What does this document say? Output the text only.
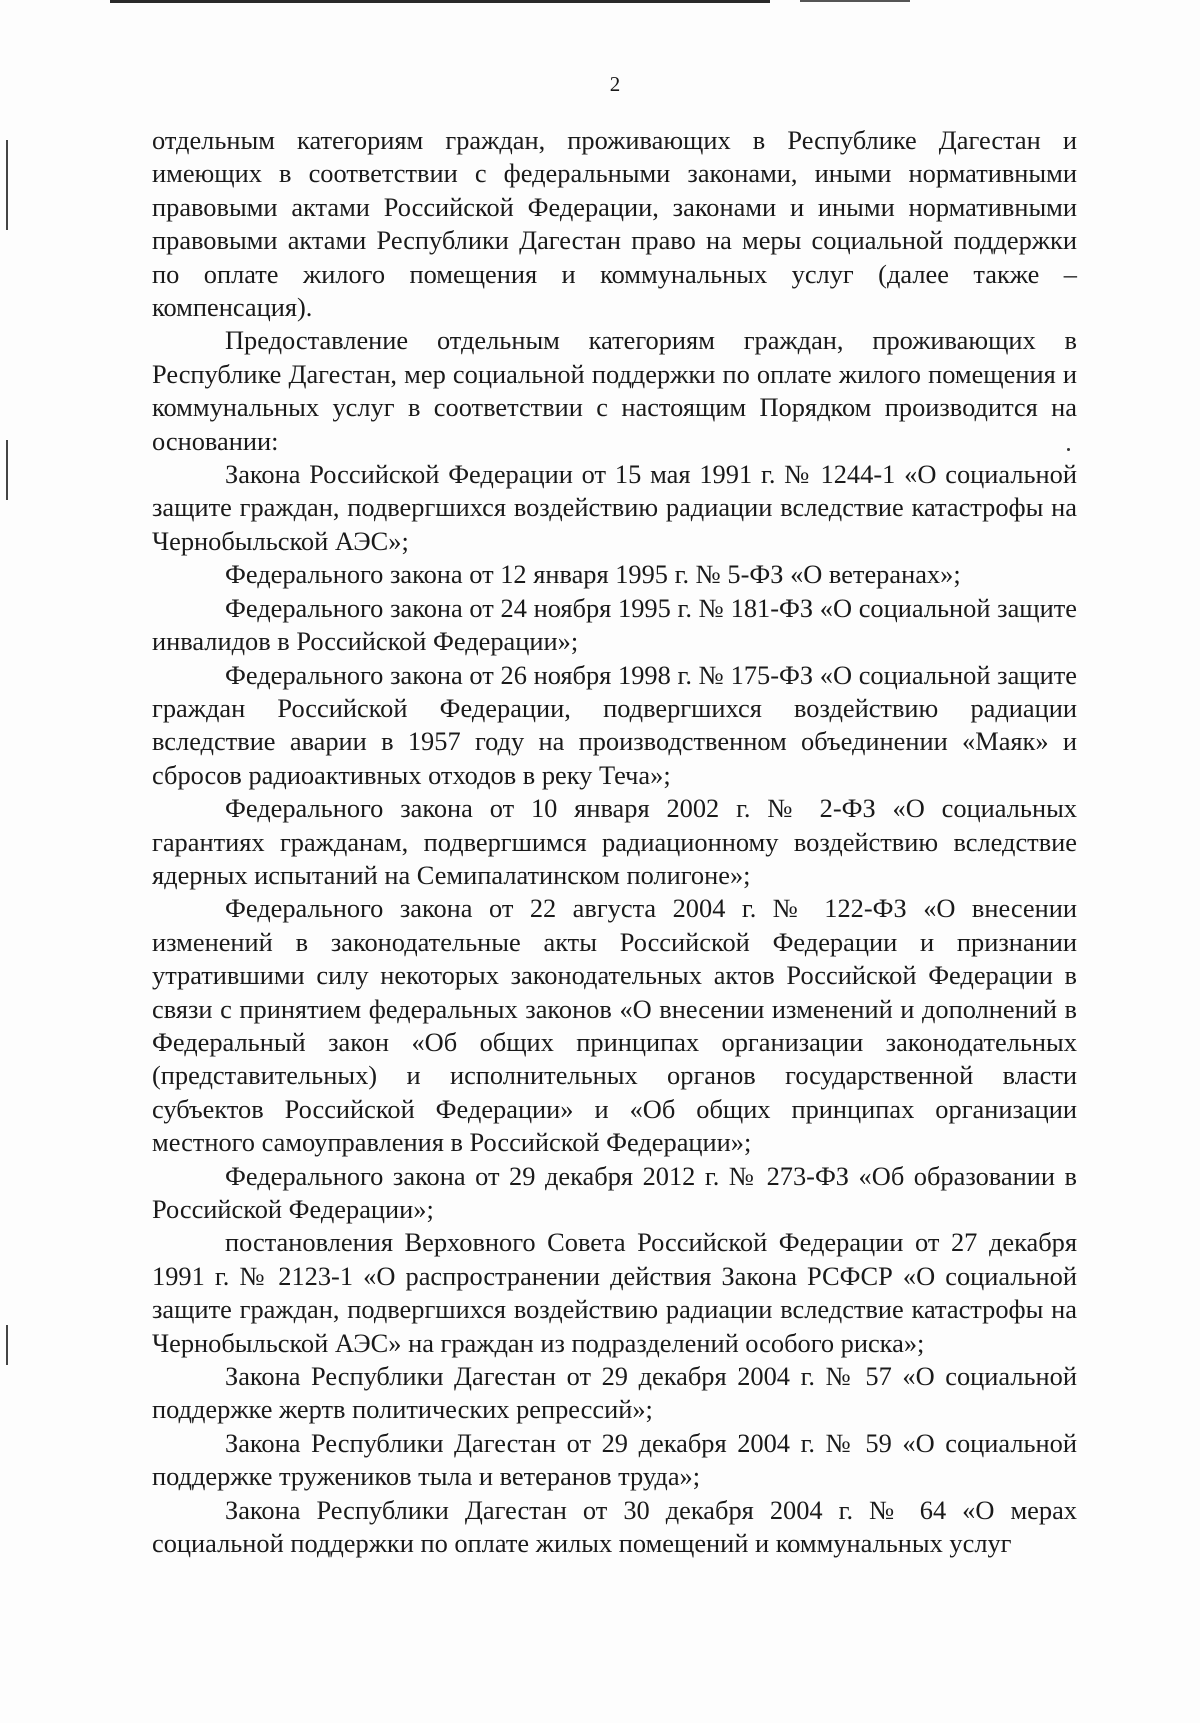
2

отдельным категориям граждан, проживающих в Республике Дагестан и имеющих в соответствии с федеральными законами, иными нормативными правовыми актами Российской Федерации, законами и иными нормативными правовыми актами Республики Дагестан право на меры социальной поддержки по оплате жилого помещения и коммунальных услуг (далее также – компенсация).

Предоставление отдельным категориям граждан, проживающих в Республике Дагестан, мер социальной поддержки по оплате жилого помещения и коммунальных услуг в соответствии с настоящим Порядком производится на основании:

Закона Российской Федерации от 15 мая 1991 г. № 1244-1 «О социальной защите граждан, подвергшихся воздействию радиации вследствие катастрофы на Чернобыльской АЭС»;

Федерального закона от 12 января 1995 г. № 5-ФЗ «О ветеранах»;

Федерального закона от 24 ноября 1995 г. № 181-ФЗ «О социальной защите инвалидов в Российской Федерации»;

Федерального закона от 26 ноября 1998 г. № 175-ФЗ «О социальной защите граждан Российской Федерации, подвергшихся воздействию радиации вследствие аварии в 1957 году на производственном объединении «Маяк» и сбросов радиоактивных отходов в реку Теча»;

Федерального закона от 10 января 2002 г. № 2-ФЗ «О социальных гарантиях гражданам, подвергшимся радиационному воздействию вследствие ядерных испытаний на Семипалатинском полигоне»;

Федерального закона от 22 августа 2004 г. № 122-ФЗ «О внесении изменений в законодательные акты Российской Федерации и признании утратившими силу некоторых законодательных актов Российской Федерации в связи с принятием федеральных законов «О внесении изменений и дополнений в Федеральный закон «Об общих принципах организации законодательных (представительных) и исполнительных органов государственной власти субъектов Российской Федерации» и «Об общих принципах организации местного самоуправления в Российской Федерации»;

Федерального закона от 29 декабря 2012 г. № 273-ФЗ «Об образовании в Российской Федерации»;

постановления Верховного Совета Российской Федерации от 27 декабря 1991 г. № 2123-1 «О распространении действия Закона РСФСР «О социальной защите граждан, подвергшихся воздействию радиации вследствие катастрофы на Чернобыльской АЭС» на граждан из подразделений особого риска»;

Закона Республики Дагестан от 29 декабря 2004 г. № 57 «О социальной поддержке жертв политических репрессий»;

Закона Республики Дагестан от 29 декабря 2004 г. № 59 «О социальной поддержке тружеников тыла и ветеранов труда»;

Закона Республики Дагестан от 30 декабря 2004 г. № 64 «О мерах социальной поддержки по оплате жилых помещений и коммунальных услуг
